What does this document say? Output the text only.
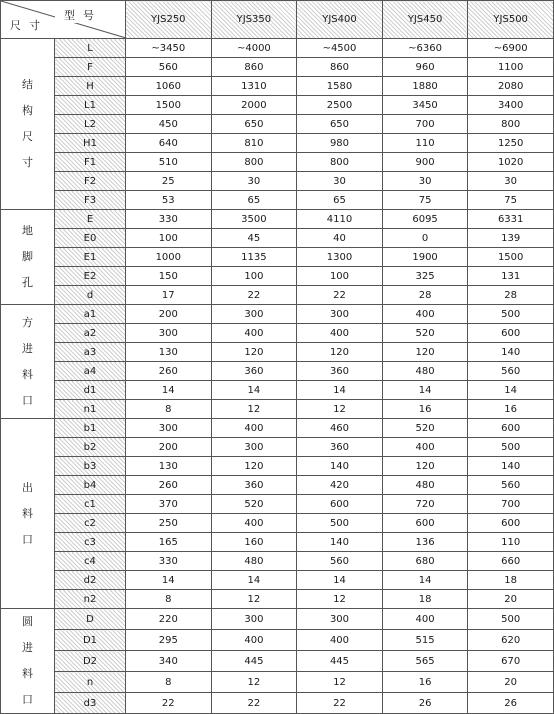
型号
尺寸		YJS250	YJS350	YJS400	YJS450	YJS500

结
构
尺
寸	L	~3450	~4000	~4500	~6360	~6900
	F	560	860	860	960	1100
	H	1060	1310	1580	1880	2080
	L1	1500	2000	2500	3450	3400
	L2	450	650	650	700	800
	H1	640	810	980	110	1250
	F1	510	800	800	900	1020
	F2	25	30	30	30	30
	F3	53	65	65	75	75

地
脚
孔	E	330	3500	4110	6095	6331
	E0	100	45	40	0	139
	E1	1000	1135	1300	1900	1500
	E2	150	100	100	325	131
	d	17	22	22	28	28

方
进
料
口	a1	200	300	300	400	500
	a2	300	400	400	520	600
	a3	130	120	120	120	140
	a4	260	360	360	480	560
	d1	14	14	14	14	14
	n1	8	12	12	16	16

出
料
口	b1	300	400	460	520	600
	b2	200	300	360	400	500
	b3	130	120	140	120	140
	b4	260	360	420	480	560
	c1	370	520	600	720	700
	c2	250	400	500	600	600
	c3	165	160	140	136	110
	c4	330	480	560	680	660
	d2	14	14	14	14	18
	n2	8	12	12	18	20

圆
进
料
口	D	220	300	300	400	500
	D1	295	400	400	515	620
	D2	340	445	445	565	670
	n	8	12	12	16	20
	d3	22	22	22	26	26
